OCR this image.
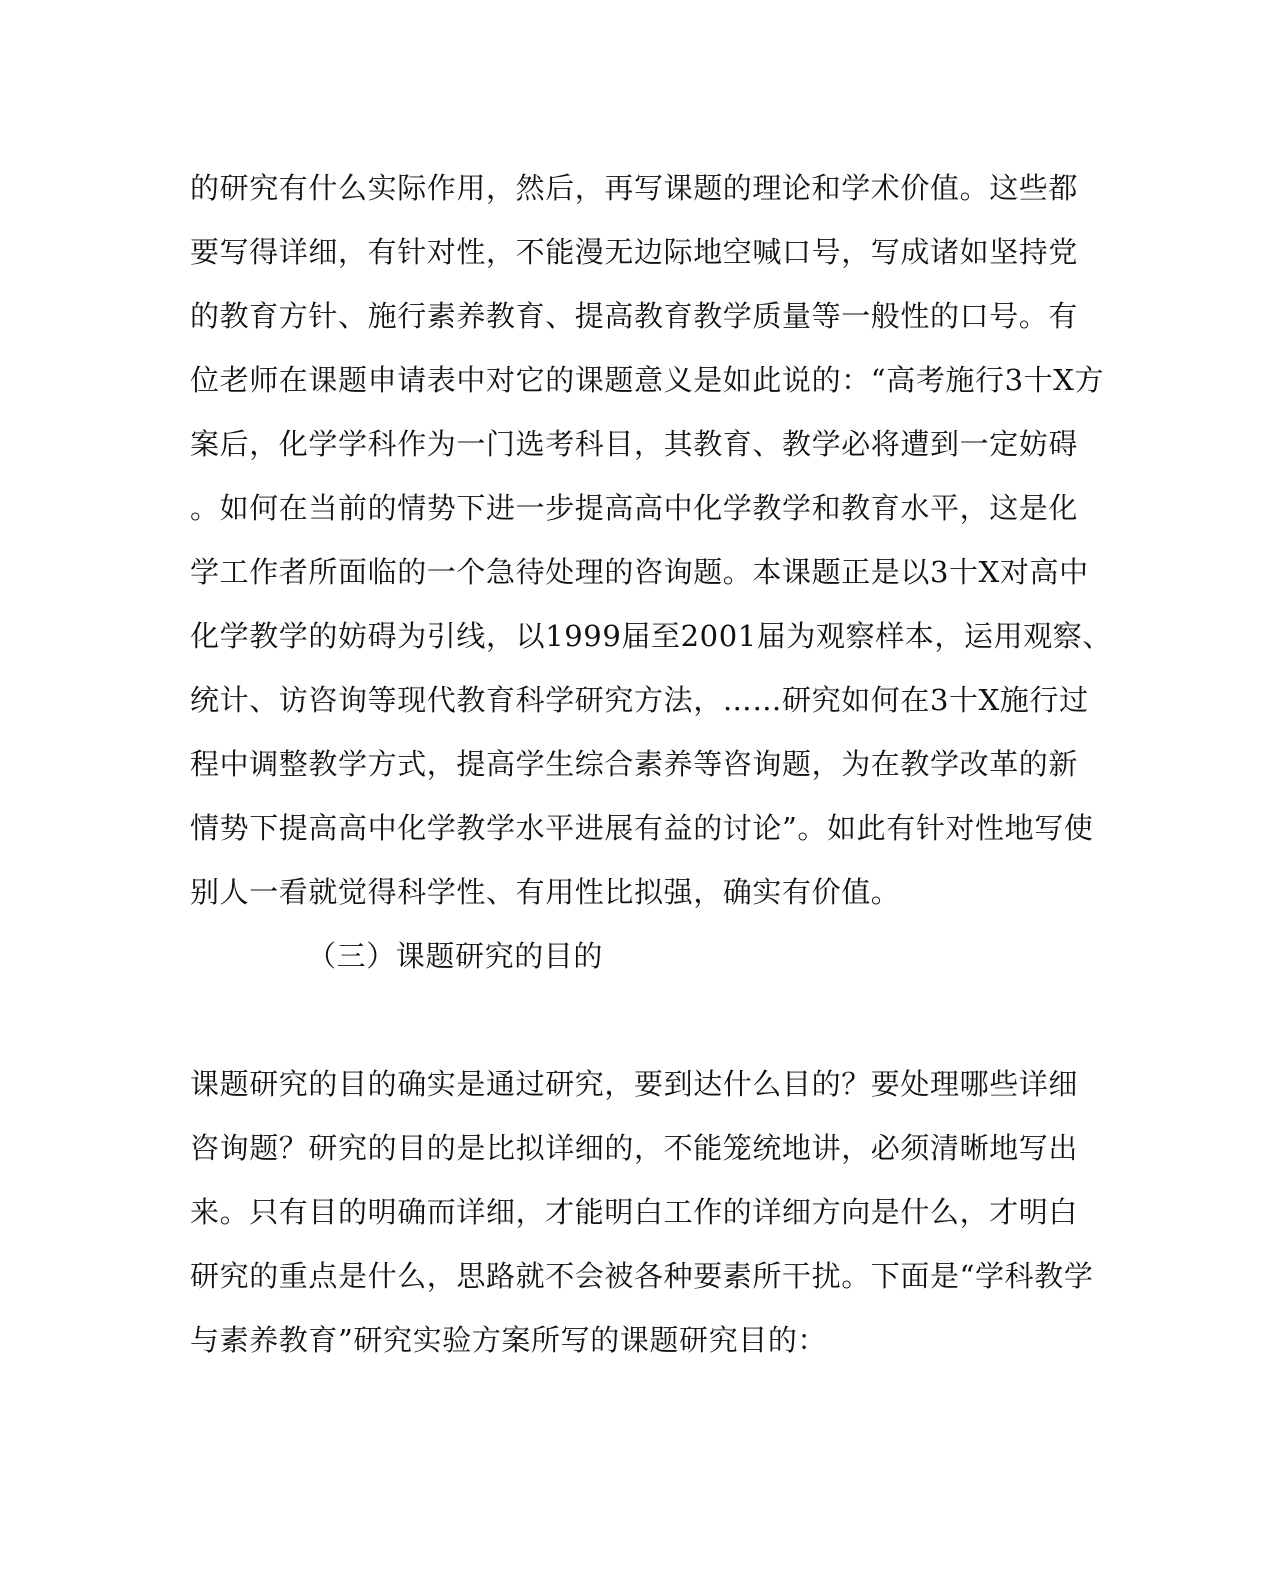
的研究有什么实际作用，然后，再写课题的理论和学术价值。这些都
要写得详细，有针对性，不能漫无边际地空喊口号，写成诸如坚持党
的教育方针、施行素养教育、提高教育教学质量等一般性的口号。有
位老师在课题申请表中对它的课题意义是如此说的：“高考施行3十X方
案后，化学学科作为一门选考科目，其教育、教学必将遭到一定妨碍
。如何在当前的情势下进一步提高高中化学教学和教育水平，这是化
学工作者所面临的一个急待处理的咨询题。本课题正是以3十X对高中
化学教学的妨碍为引线，以1999届至2001届为观察样本，运用观察、
统计、访咨询等现代教育科学研究方法，……研究如何在3十X施行过
程中调整教学方式，提高学生综合素养等咨询题，为在教学改革的新
情势下提高高中化学教学水平进展有益的讨论”。如此有针对性地写使
别人一看就觉得科学性、有用性比拟强，确实有价值。
（三）课题研究的目的
课题研究的目的确实是通过研究，要到达什么目的？要处理哪些详细
咨询题？研究的目的是比拟详细的，不能笼统地讲，必须清晰地写出
来。只有目的明确而详细，才能明白工作的详细方向是什么，才明白
研究的重点是什么，思路就不会被各种要素所干扰。下面是“学科教学
与素养教育”研究实验方案所写的课题研究目的：
